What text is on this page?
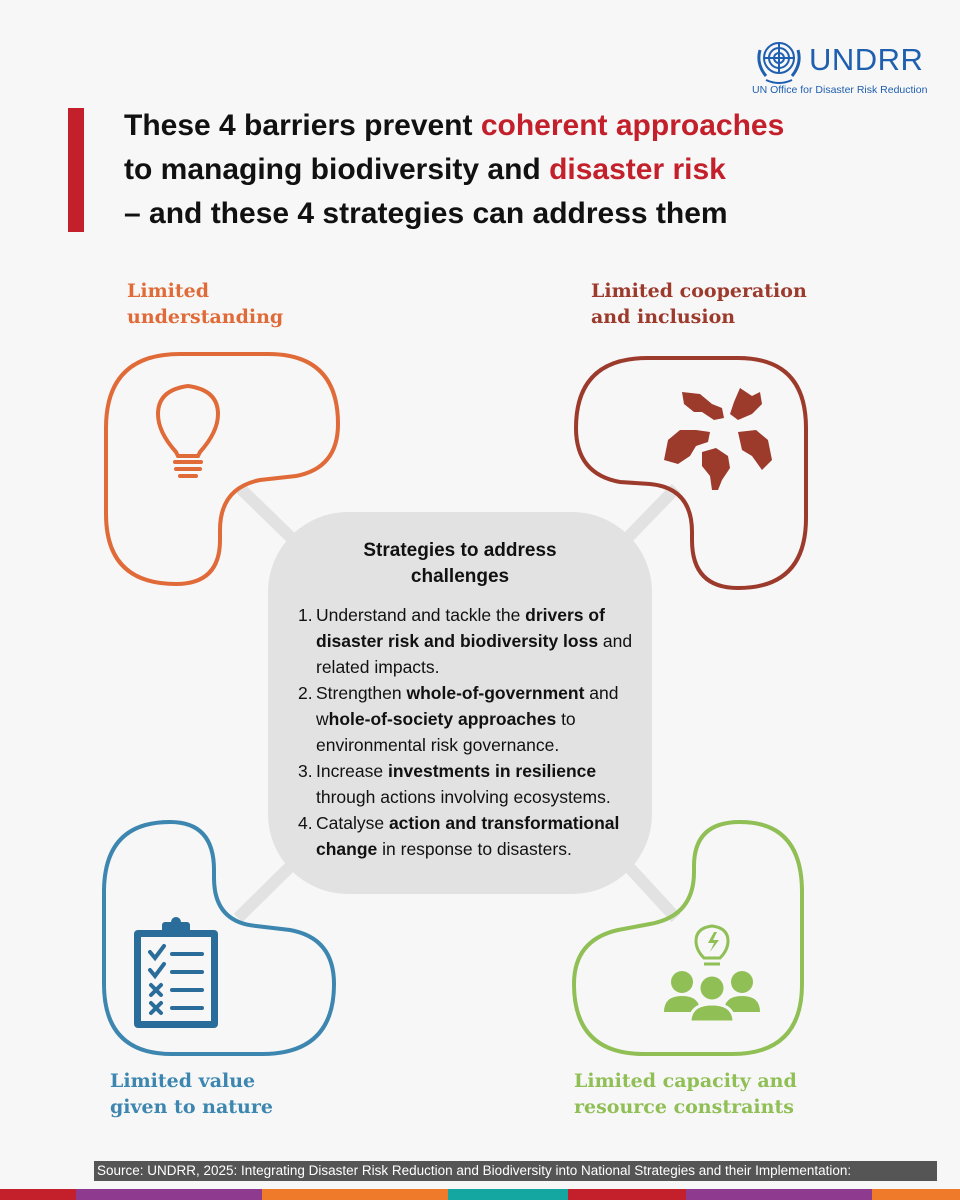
UNDRR
UN Office for Disaster Risk Reduction
These 4 barriers prevent coherent approaches
to managing biodiversity and disaster risk
– and these 4 strategies can address them
Limited
understanding
Limited cooperation
and inclusion
Limited value
given to nature
Limited capacity and
resource constraints
Strategies to address
challenges
1. Understand and tackle the drivers of disaster risk and biodiversity loss and related impacts.
2. Strengthen whole-of-government and whole-of-society approaches to environmental risk governance.
3. Increase investments in resilience through actions involving ecosystems.
4. Catalyse action and transformational change in response to disasters.
Source: UNDRR, 2025: Integrating Disaster Risk Reduction and Biodiversity into National Strategies and their Implementation:
